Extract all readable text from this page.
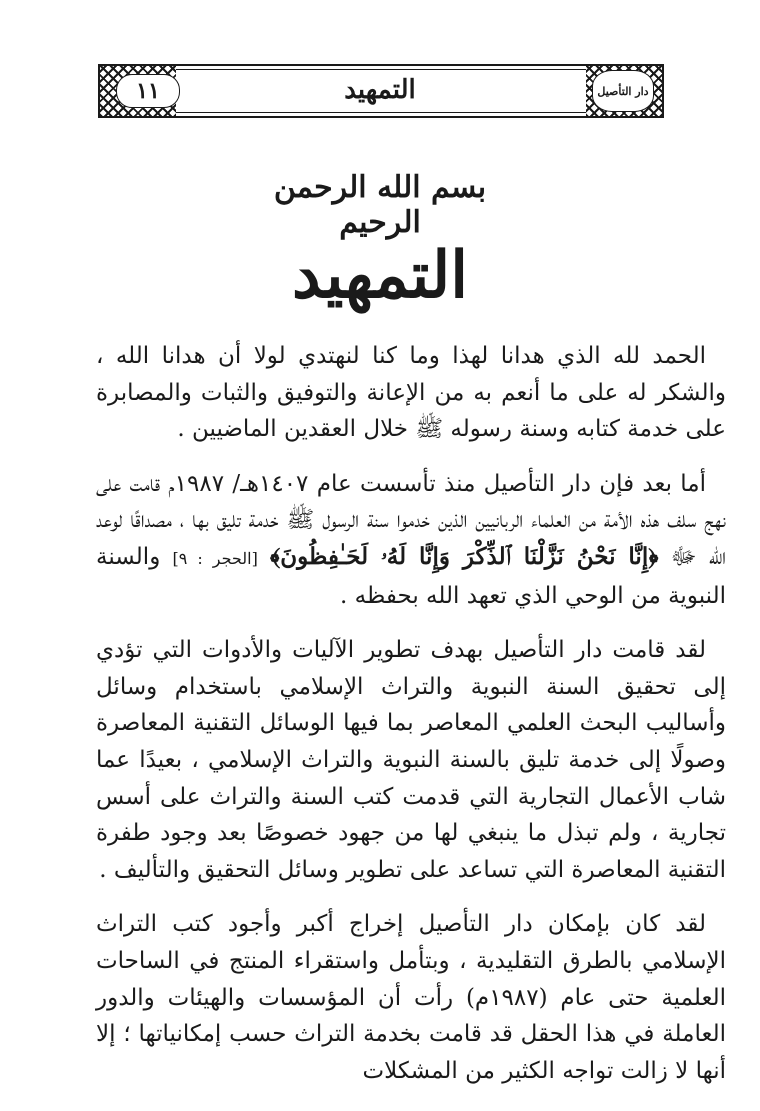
١١	التمهيد	دار التأصيل
بسم الله الرحمن الرحيم
التمهيد

الحمد لله الذي هدانا لهذا وما كنا لنهتدي لولا أن هدانا الله ، والشكر له على ما أنعم به من الإعانة والتوفيق والثبات والمصابرة على خدمة كتابه وسنة رسوله ﷺ خلال العقدين الماضيين .

أما بعد فإن دار التأصيل منذ تأسست عام ١٤٠٧هـ/ ١٩٨٧م قامت على نهج سلف هذه الأمة من العلماء الربانيين الذين خدموا سنة الرسول ﷺ خدمة تليق بها ، مصداقًا لوعد الله ﷻ ﴿إِنَّا نَحْنُ نَزَّلْنَا ٱلذِّكْرَ وَإِنَّا لَهُۥ لَحَـٰفِظُونَ﴾ [الحجر : ٩] والسنة النبوية من الوحي الذي تعهد الله بحفظه .

لقد قامت دار التأصيل بهدف تطوير الآليات والأدوات التي تؤدي إلى تحقيق السنة النبوية والتراث الإسلامي باستخدام وسائل وأساليب البحث العلمي المعاصر بما فيها الوسائل التقنية المعاصرة وصولًا إلى خدمة تليق بالسنة النبوية والتراث الإسلامي ، بعيدًا عما شاب الأعمال التجارية التي قدمت كتب السنة والتراث على أسس تجارية ، ولم تبذل ما ينبغي لها من جهود خصوصًا بعد وجود طفرة التقنية المعاصرة التي تساعد على تطوير وسائل التحقيق والتأليف .

لقد كان بإمكان دار التأصيل إخراج أكبر وأجود كتب التراث الإسلامي بالطرق التقليدية ، وبتأمل واستقراء المنتج في الساحات العلمية حتى عام (١٩٨٧م) رأت أن المؤسسات والهيئات والدور العاملة في هذا الحقل قد قامت بخدمة التراث حسب إمكانياتها ؛ إلا أنها لا زالت تواجه الكثير من المشكلات
